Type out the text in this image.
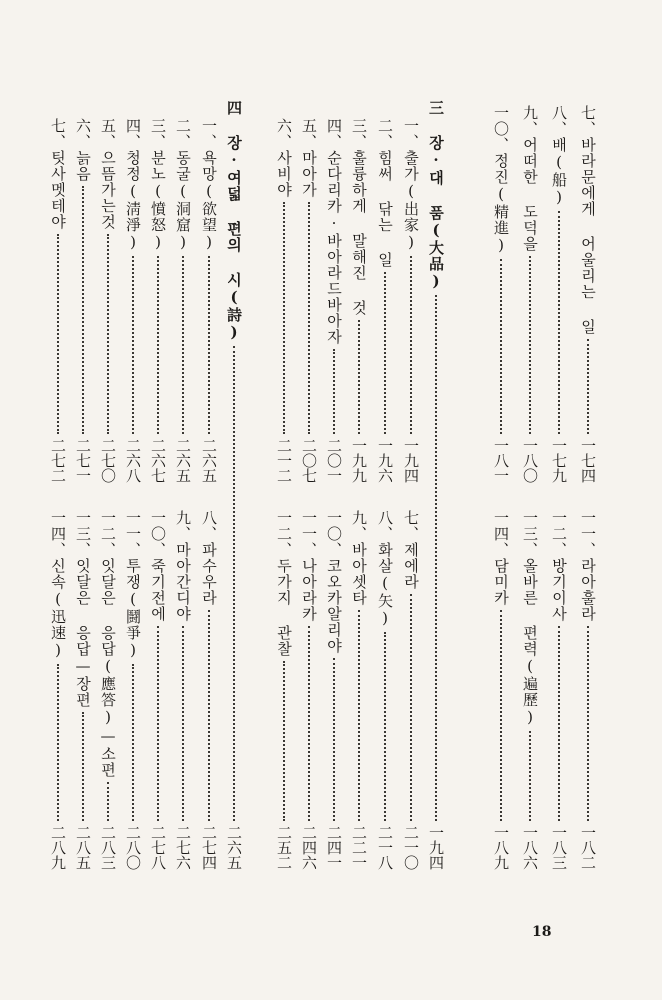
七、바라문에게 어울리는 일
一七四
一一、라아훌라
一八二
八、배(船)
一七九
一二、방기이사
一八三
九、어떠한 도덕을
一八〇
一三、올바른 편력(遍歷)
一八六
一〇、정진(精進)
一八一
一四、담미카
一八九
三 장·대 품(大品)
一九四
一、출가(出家)
一九四
七、제에라
二一〇
二、힘써 닦는 일
一九六
八、화살(矢)
二一八
三、훌륭하게 말해진 것
一九九
九、바아셋타
二二一
四、순다리카·바아라드바아자
二〇一
一〇、코오카알리야
二四一
五、마아가
二〇七
一一、나아라카
二四六
六、사비야
二一二
一二、두가지 관찰
二五二
四 장·여덟 편의 시(詩)
二六五
一、욕망(欲望)
二六五
八、파수우라
二七四
二、동굴(洞窟)
二六五
九、마아간디야
二七六
三、분노(憤怒)
二六七
一〇、죽기전에
二七八
四、청정(淸淨)
二六八
一一、투쟁(鬪爭)
二八〇
五、으뜸가는것
二七〇
一二、잇달은 응답(應答)—소편
二八三
六、늙음
二七一
一三、잇달은 응답—장편
二八五
七、팃사멧테야
二七二
一四、신속(迅速)
二八九
18
